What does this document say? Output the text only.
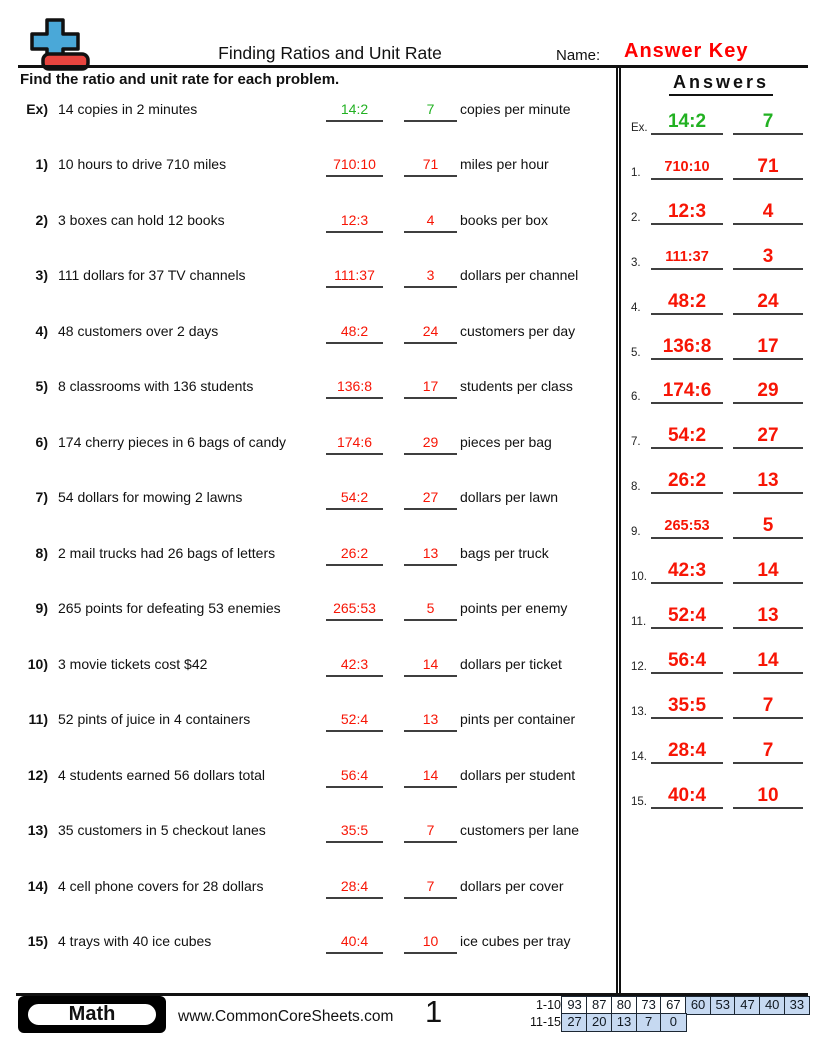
Finding Ratios and Unit Rate	Name: Answer Key
Find the ratio and unit rate for each problem.
Ex) 14 copies in 2 minutes	14:2	7	copies per minute
1) 10 hours to drive 710 miles	710:10	71	miles per hour
2) 3 boxes can hold 12 books	12:3	4	books per box
3) 111 dollars for 37 TV channels	111:37	3	dollars per channel
4) 48 customers over 2 days	48:2	24	customers per day
5) 8 classrooms with 136 students	136:8	17	students per class
6) 174 cherry pieces in 6 bags of candy	174:6	29	pieces per bag
7) 54 dollars for mowing 2 lawns	54:2	27	dollars per lawn
8) 2 mail trucks had 26 bags of letters	26:2	13	bags per truck
9) 265 points for defeating 53 enemies	265:53	5	points per enemy
10) 3 movie tickets cost $42	42:3	14	dollars per ticket
11) 52 pints of juice in 4 containers	52:4	13	pints per container
12) 4 students earned 56 dollars total	56:4	14	dollars per student
13) 35 customers in 5 checkout lanes	35:5	7	customers per lane
14) 4 cell phone covers for 28 dollars	28:4	7	dollars per cover
15) 4 trays with 40 ice cubes	40:4	10	ice cubes per tray
Answers
Ex.	14:2	7
1.	710:10	71
2.	12:3	4
3.	111:37	3
4.	48:2	24
5.	136:8	17
6.	174:6	29
7.	54:2	27
8.	26:2	13
9.	265:53	5
10.	42:3	14
11.	52:4	13
12.	56:4	14
13.	35:5	7
14.	28:4	7
15.	40:4	10
Math	www.CommonCoreSheets.com 1	1-10 93 87 80 73 67 60 53 47 40 33
11-15 27 20 13	7	0
